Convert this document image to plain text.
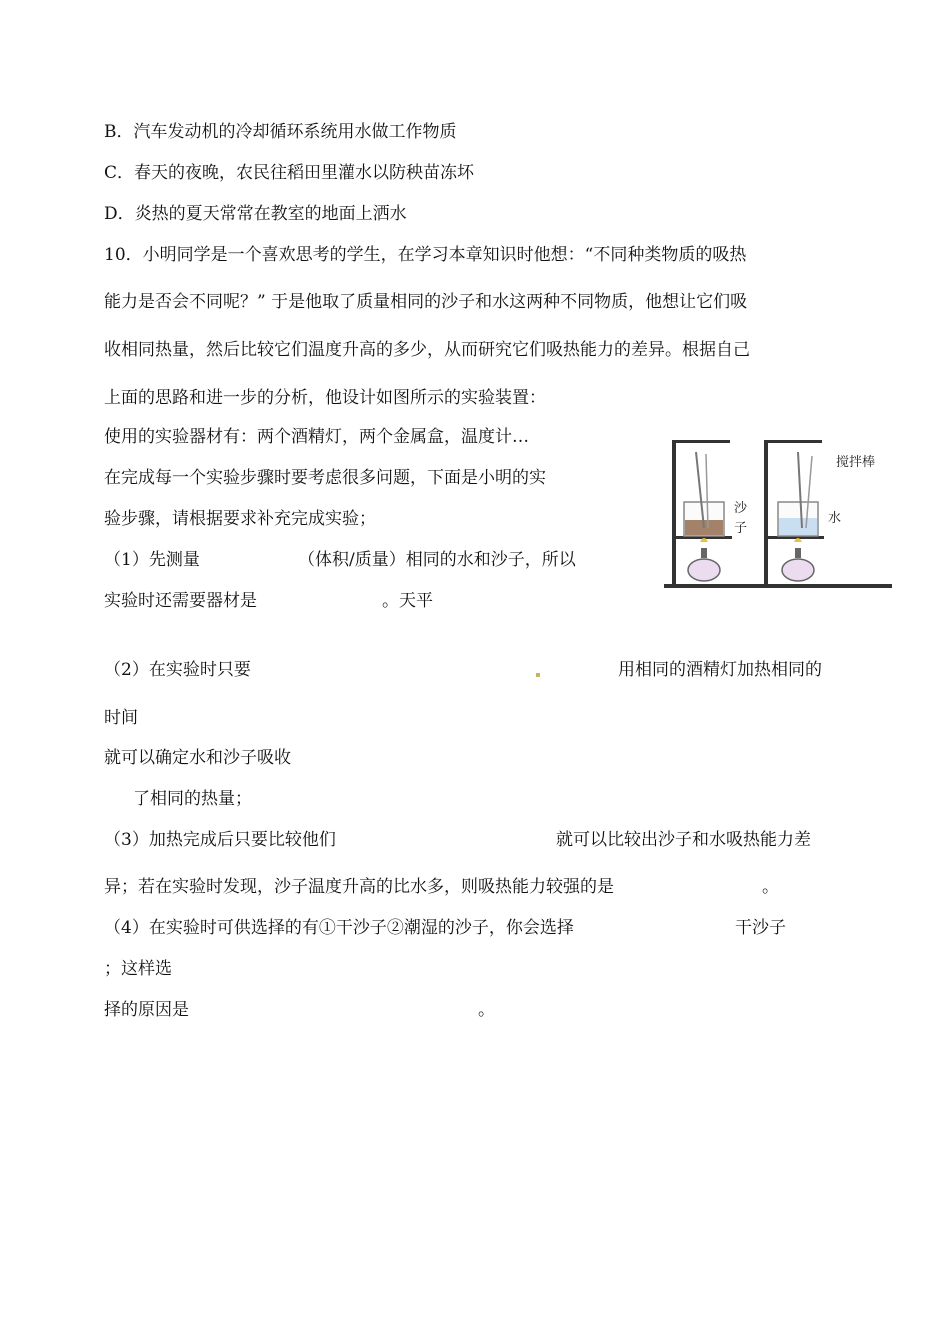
B．汽车发动机的冷却循环系统用水做工作物质
C．春天的夜晚，农民往稻田里灌水以防秧苗冻坏
D．炎热的夏天常常在教室的地面上洒水
10．小明同学是一个喜欢思考的学生，在学习本章知识时他想：“不同种类物质的吸热
能力是否会不同呢？” 于是他取了质量相同的沙子和水这两种不同物质，他想让它们吸
收相同热量，然后比较它们温度升高的多少，从而研究它们吸热能力的差异。根据自己
上面的思路和进一步的分析，他设计如图所示的实验装置：
使用的实验器材有：两个酒精灯，两个金属盒，温度计…
在完成每一个实验步骤时要考虑很多问题，下面是小明的实
验步骤，请根据要求补充完成实验；
（1）先测量	（体积/质量）相同的水和沙子，所以
实验时还需要器材是	。天平
（2）在实验时只要	用相同的酒精灯加热相同的
时间
就可以确定水和沙子吸收
了相同的热量；
（3）加热完成后只要比较他们	就可以比较出沙子和水吸热能力差
异；若在实验时发现，沙子温度升高的比水多，则吸热能力较强的是	。
（4）在实验时可供选择的有①干沙子②潮湿的沙子，你会选择	干沙子
；这样选
择的原因是	。
沙
子
水
搅拌棒
